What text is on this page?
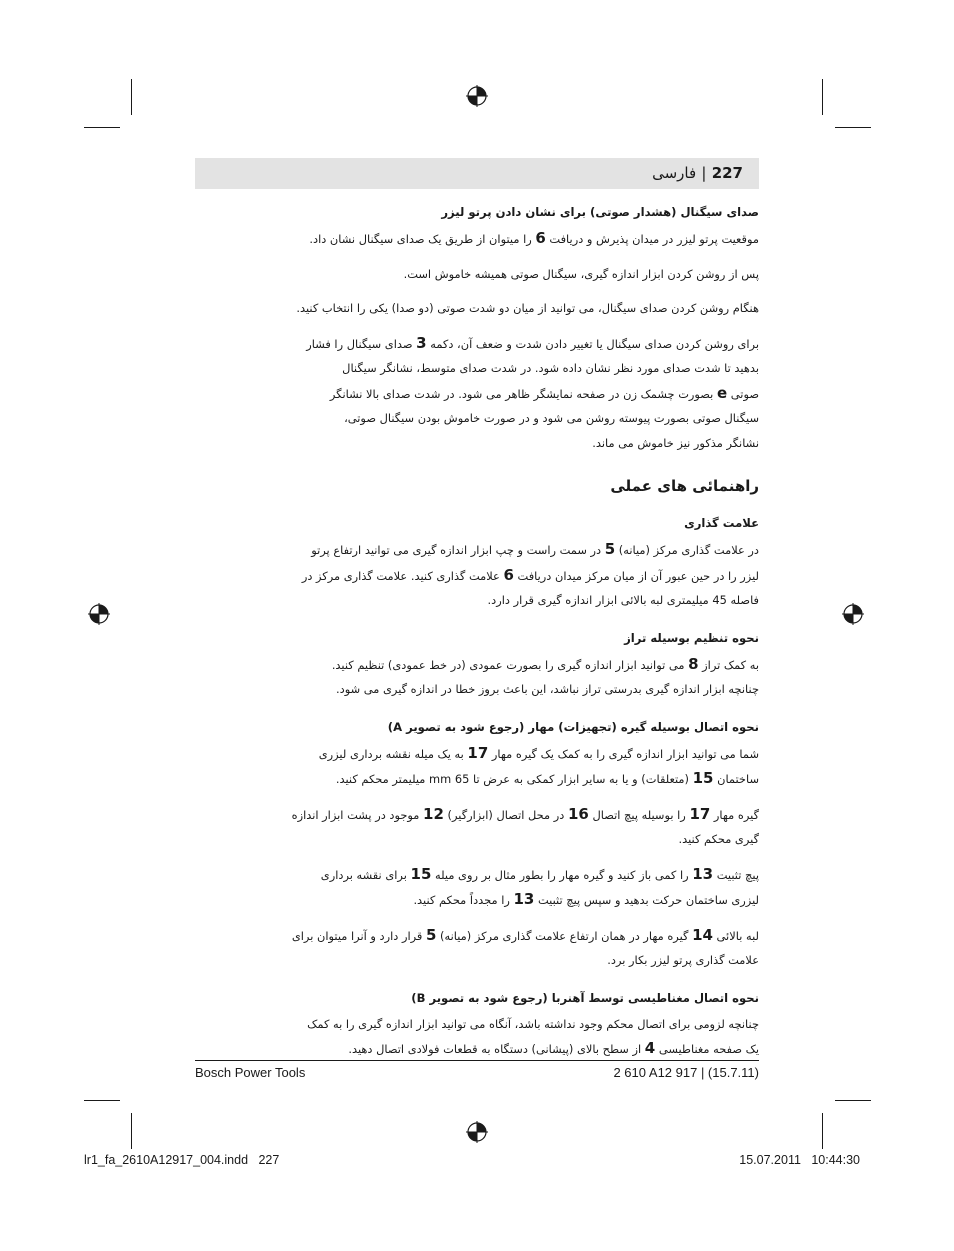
227 | فارسی
صدای سیگنال (هشدار صوتی) برای نشان دادن پرتو لیزر
موقعیت پرتو لیزر در میدان پذیرش و دریافت 6 را میتوان از طریق یک صدای سیگنال نشان داد.
پس از روشن کردن ابزار اندازه گیری، سیگنال صوتی همیشه خاموش است.
هنگام روشن کردن صدای سیگنال، می توانید از میان دو شدت صوتی (دو صدا) یکی را انتخاب کنید.
برای روشن کردن صدای سیگنال یا تغییر دادن شدت و ضعف آن، دکمه 3 صدای سیگنال را فشار
بدهید تا شدت صدای مورد نظر نشان داده شود. در شدت صدای متوسط، نشانگر سیگنال
صوتی e بصورت چشمک زن در صفحه نمایشگر ظاهر می شود. در شدت صدای بالا نشانگر
سیگنال صوتی بصورت پیوسته روشن می شود و در صورت خاموش بودن سیگنال صوتی،
نشانگر مذکور نیز خاموش می ماند.
راهنمائی های عملی
علامت گذاری
در علامت گذاری مرکز (میانه) 5 در سمت راست و چپ ابزار اندازه گیری می توانید ارتفاع پرتو
لیزر را در حین عبور آن از میان مرکز میدان دریافت 6 علامت گذاری کنید. علامت گذاری مرکز در
فاصله 45 میلیمتری لبه بالائی ابزار اندازه گیری قرار دارد.
نحوه تنظیم بوسیله تراز
به کمک تراز 8 می توانید ابزار اندازه گیری را بصورت عمودی (در خط عمودی) تنظیم کنید.
چنانچه ابزار اندازه گیری بدرستی تراز نباشد، این باعث بروز خطا در اندازه گیری می شود.
نحوه اتصال بوسیله گیره (تجهیزات) مهار (رجوع شود به تصویر A)
شما می توانید ابزار اندازه گیری را به کمک یک گیره مهار 17 به یک میله نقشه برداری لیزری
ساختمان 15 (متعلقات) و یا به سایر ابزار کمکی به عرض تا 65 mm میلیمتر محکم کنید.
گیره مهار 17 را بوسیله پیچ اتصال 16 در محل اتصال (ابزارگیر) 12 موجود در پشت ابزار اندازه
گیری محکم کنید.
پیچ تثبیت 13 را کمی باز کنید و گیره مهار را بطور مثال بر روی میله 15 برای نقشه برداری
لیزری ساختمان حرکت بدهید و سپس پیچ تثبیت 13 را مجدداً محکم کنید.
لبه بالائی 14 گیره مهار در همان ارتفاع علامت گذاری مرکز (میانه) 5 قرار دارد و آنرا میتوان برای
علامت گذاری پرتو لیزر بکار برد.
نحوه اتصال مغناطیسی توسط آهنربا (رجوع شود به تصویر B)
چنانچه لزومی برای اتصال محکم وجود نداشته باشد، آنگاه می توانید ابزار اندازه گیری را به کمک
یک صفحه مغناطیسی 4 از سطح بالای (پیشانی) دستگاه به قطعات فولادی اتصال دهید.
Bosch Power Tools	2 610 A12 917 | (15.7.11)
lr1_fa_2610A12917_004.indd   227	15.07.2011   10:44:30
